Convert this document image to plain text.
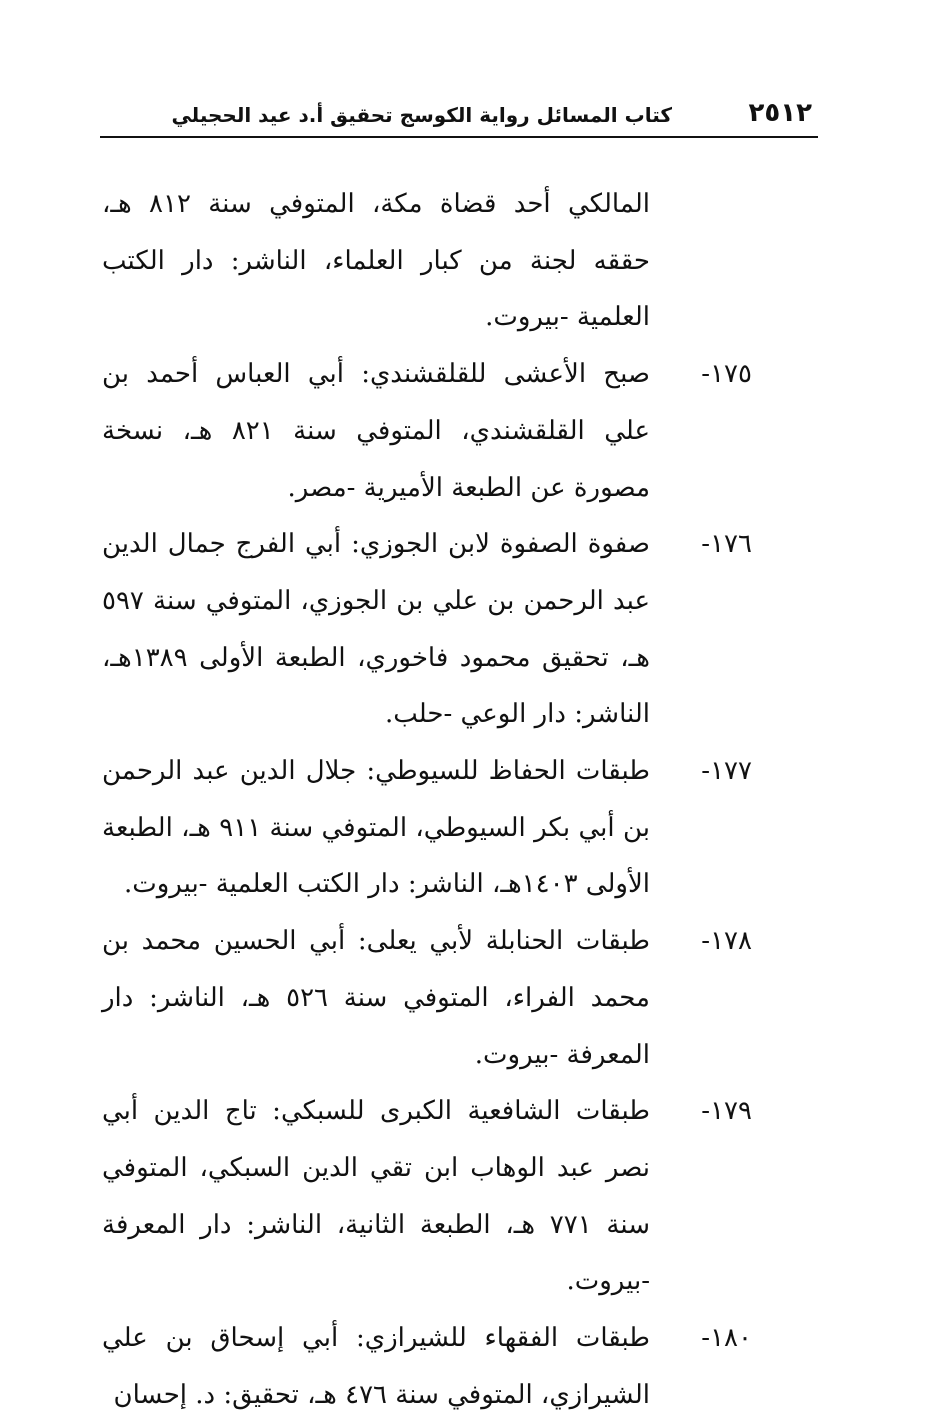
٢٥١٢
كتاب المسائل رواية الكوسج تحقيق أ.د عيد الحجيلي
المالكي أحد قضاة مكة، المتوفي سنة ٨١٢ هـ، حققه لجنة من كبار العلماء، الناشر: دار الكتب العلمية -بيروت.
١٧٥-
صبح الأعشى للقلقشندي: أبي العباس أحمد بن علي القلقشندي، المتوفي سنة ٨٢١ هـ، نسخة مصورة عن الطبعة الأميرية -مصر.
١٧٦-
صفوة الصفوة لابن الجوزي: أبي الفرج جمال الدين عبد الرحمن بن علي بن الجوزي، المتوفي سنة ٥٩٧ هـ، تحقيق محمود فاخوري، الطبعة الأولى ١٣٨٩هـ، الناشر: دار الوعي -حلب.
١٧٧-
طبقات الحفاظ للسيوطي: جلال الدين عبد الرحمن بن أبي بكر السيوطي، المتوفي سنة ٩١١ هـ، الطبعة الأولى ١٤٠٣هـ، الناشر: دار الكتب العلمية -بيروت.
١٧٨-
طبقات الحنابلة لأبي يعلى: أبي الحسين محمد بن محمد الفراء، المتوفي سنة ٥٢٦ هـ، الناشر: دار المعرفة -بيروت.
١٧٩-
طبقات الشافعية الكبرى للسبكي: تاج الدين أبي نصر عبد الوهاب ابن تقي الدين السبكي، المتوفي سنة ٧٧١ هـ، الطبعة الثانية، الناشر: دار المعرفة -بيروت.
١٨٠-
طبقات الفقهاء للشيرازي: أبي إسحاق بن علي الشيرازي، المتوفي سنة ٤٧٦ هـ، تحقيق: د. إحسان
